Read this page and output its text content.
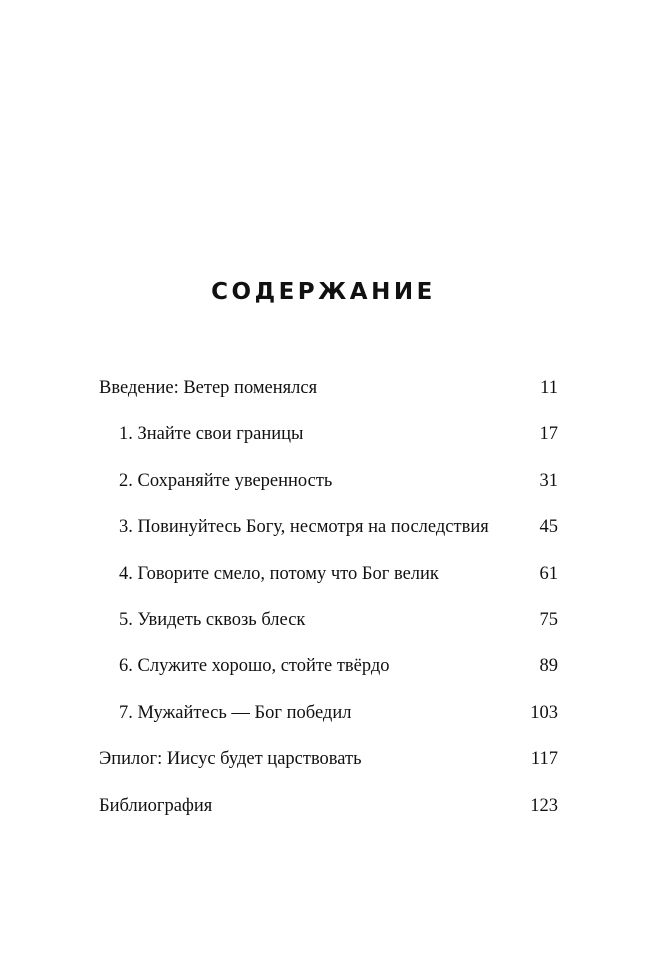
СОДЕРЖАНИЕ
Введение: Ветер поменялся	11
1. Знайте свои границы	17
2. Сохраняйте уверенность	31
3. Повинуйтесь Богу, несмотря на последствия	45
4. Говорите смело, потому что Бог велик	61
5. Увидеть сквозь блеск	75
6. Служите хорошо, стойте твёрдо	89
7. Мужайтесь — Бог победил	103
Эпилог: Иисус будет царствовать	117
Библиография	123
